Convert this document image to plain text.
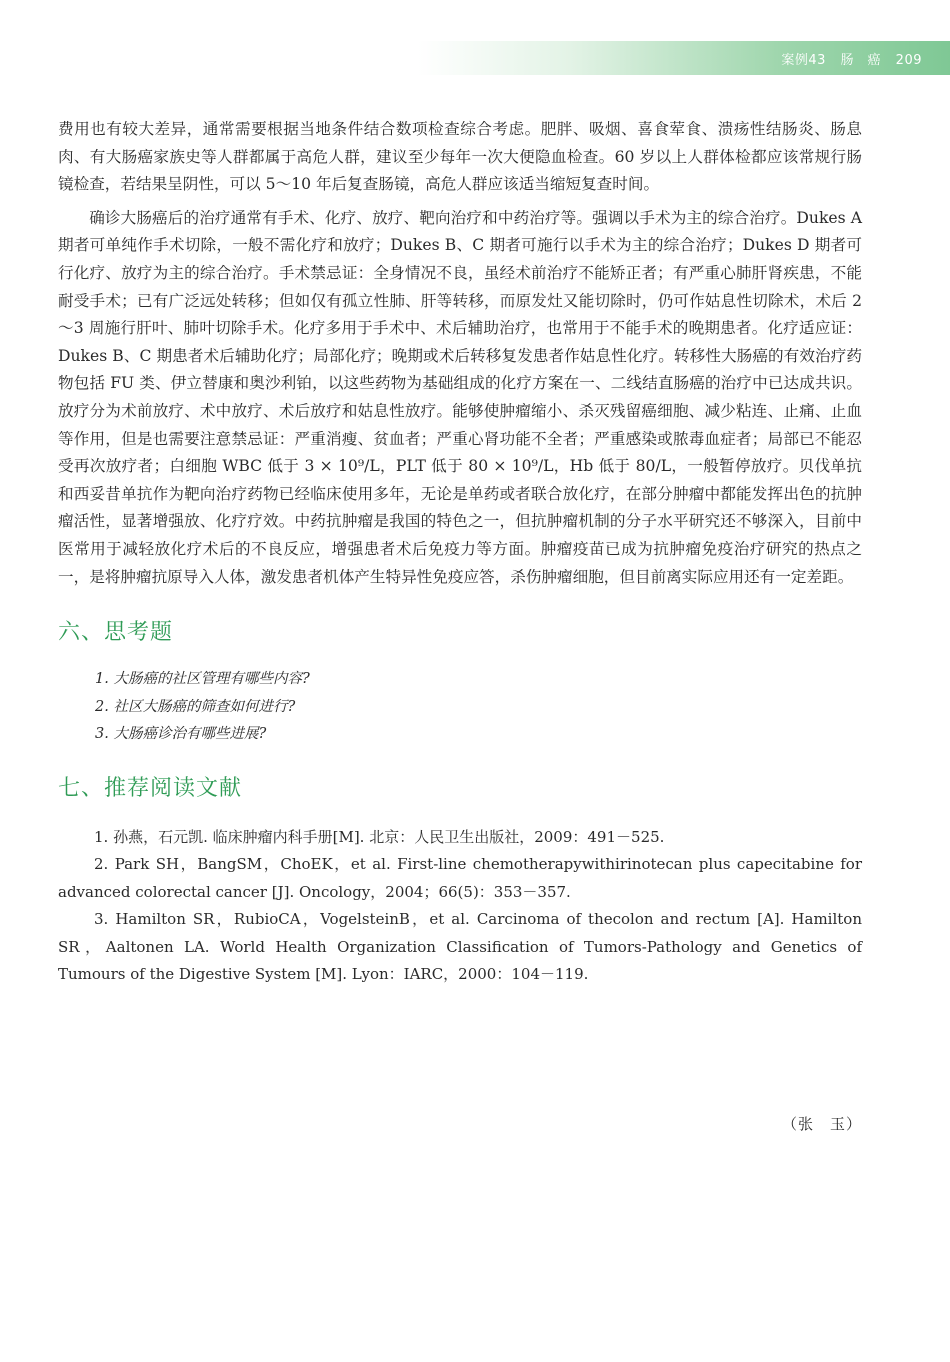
案例43 肠　癌 209

费用也有较大差异，通常需要根据当地条件结合数项检查综合考虑。肥胖、吸烟、喜食荤食、溃疡性结肠炎、肠息肉、有大肠癌家族史等人群都属于高危人群，建议至少每年一次大便隐血检查。60 岁以上人群体检都应该常规行肠镜检查，若结果呈阴性，可以 5～10 年后复查肠镜，高危人群应该适当缩短复查时间。

确诊大肠癌后的治疗通常有手术、化疗、放疗、靶向治疗和中药治疗等。强调以手术为主的综合治疗。Dukes A 期者可单纯作手术切除，一般不需化疗和放疗；Dukes B、C 期者可施行以手术为主的综合治疗；Dukes D 期者可行化疗、放疗为主的综合治疗。手术禁忌证：全身情况不良，虽经术前治疗不能矫正者；有严重心肺肝肾疾患，不能耐受手术；已有广泛远处转移；但如仅有孤立性肺、肝等转移，而原发灶又能切除时，仍可作姑息性切除术，术后 2～3 周施行肝叶、肺叶切除手术。化疗多用于手术中、术后辅助治疗，也常用于不能手术的晚期患者。化疗适应证：Dukes B、C 期患者术后辅助化疗；局部化疗；晚期或术后转移复发患者作姑息性化疗。转移性大肠癌的有效治疗药物包括 FU 类、伊立替康和奥沙利铂，以这些药物为基础组成的化疗方案在一、二线结直肠癌的治疗中已达成共识。放疗分为术前放疗、术中放疗、术后放疗和姑息性放疗。能够使肿瘤缩小、杀灭残留癌细胞、减少粘连、止痛、止血等作用，但是也需要注意禁忌证：严重消瘦、贫血者；严重心肾功能不全者；严重感染或脓毒血症者；局部已不能忍受再次放疗者；白细胞 WBC 低于 3 × 10⁹/L，PLT 低于 80 × 10⁹/L，Hb 低于 80/L，一般暂停放疗。贝伐单抗和西妥昔单抗作为靶向治疗药物已经临床使用多年，无论是单药或者联合放化疗，在部分肿瘤中都能发挥出色的抗肿瘤活性，显著增强放、化疗疗效。中药抗肿瘤是我国的特色之一，但抗肿瘤机制的分子水平研究还不够深入，目前中医常用于减轻放化疗术后的不良反应，增强患者术后免疫力等方面。肿瘤疫苗已成为抗肿瘤免疫治疗研究的热点之一，是将肿瘤抗原导入人体，激发患者机体产生特异性免疫应答，杀伤肿瘤细胞，但目前离实际应用还有一定差距。

六、思考题
1. 大肠癌的社区管理有哪些内容?
2. 社区大肠癌的筛查如何进行?
3. 大肠癌诊治有哪些进展?
七、推荐阅读文献
1. 孙燕，石元凯. 临床肿瘤内科手册[M]. 北京：人民卫生出版社，2009：491－525.
2. Park SH，BangSM，ChoEK，et al. First-line chemotherapywithirinotecan plus capecitabine for advanced colorectal cancer [J]. Oncology，2004；66(5)：353－357.
3. Hamilton SR，RubioCA，VogelsteinB，et al. Carcinoma of thecolon and rectum [A]. Hamilton SR，Aaltonen LA. World Health Organization Classification of Tumors-Pathology and Genetics of Tumours of the Digestive System [M]. Lyon：IARC，2000：104－119.
（张　玉）
